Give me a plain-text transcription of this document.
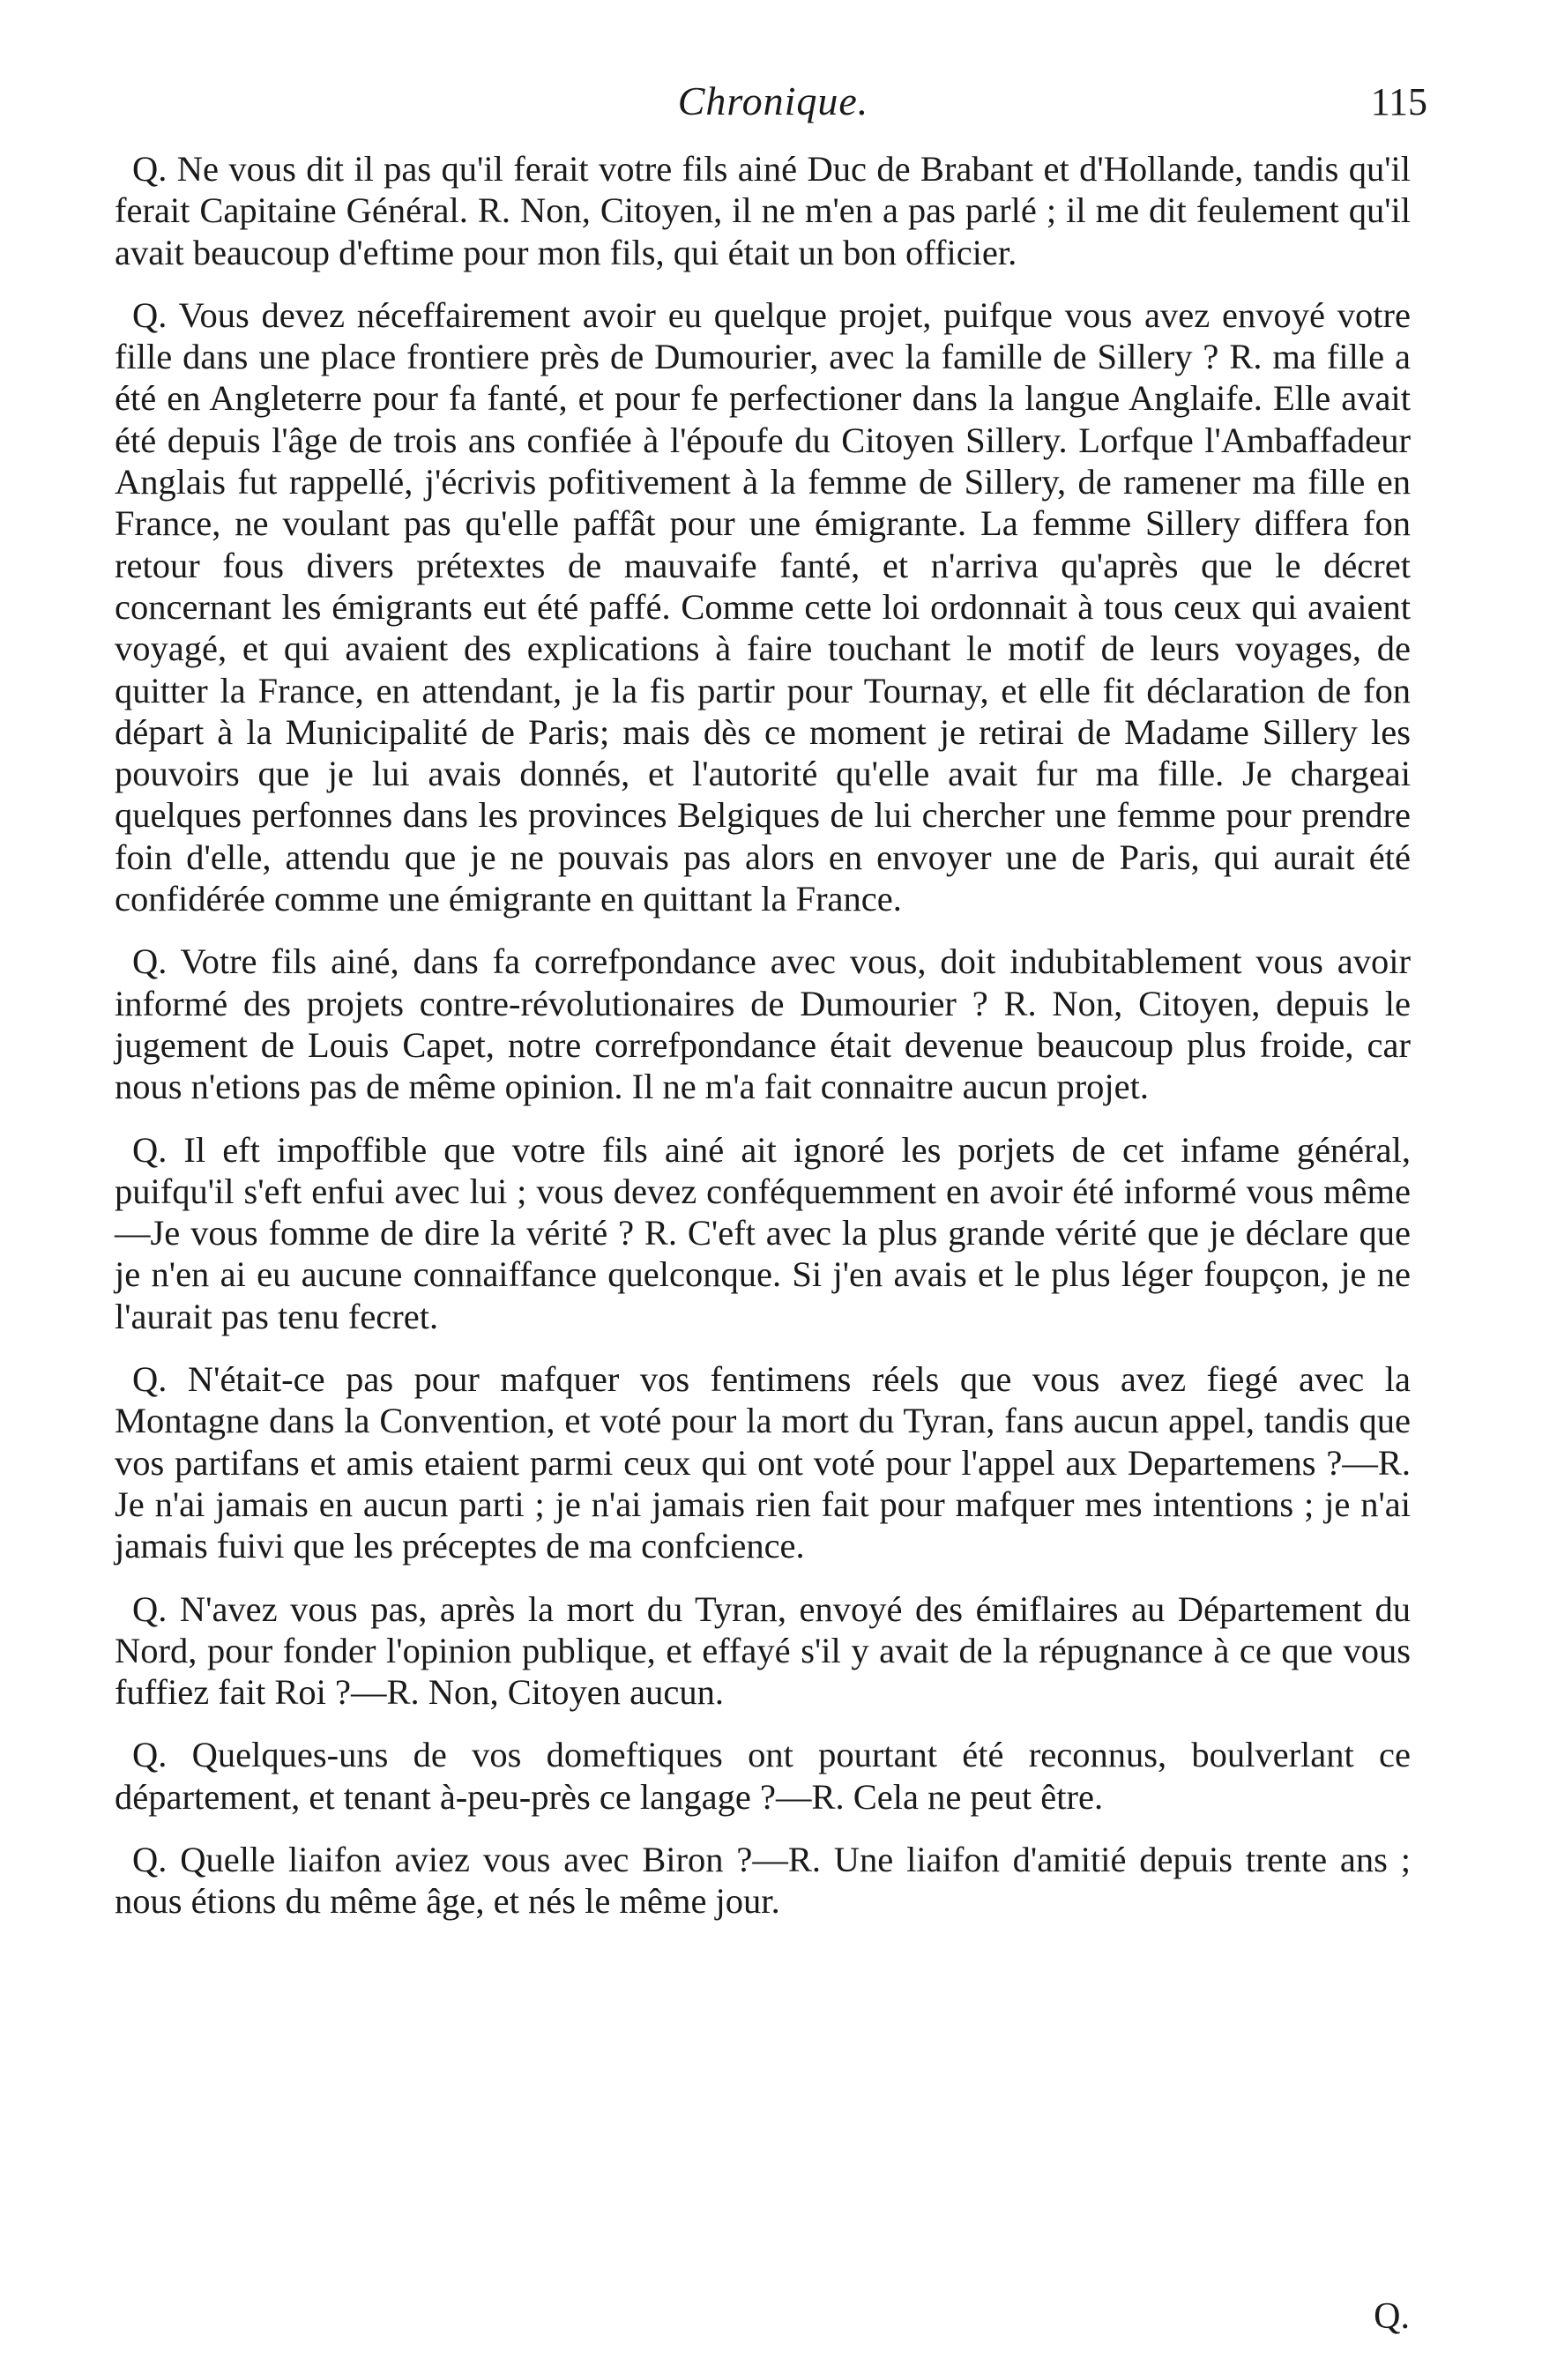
Chronique.	115

Q. Ne vous dit il pas qu'il ferait votre fils ainé Duc de Brabant et d'Hollande, tandis qu'il ferait Capitaine Général. R. Non, Citoyen, il ne m'en a pas parlé ; il me dit feulement qu'il avait beaucoup d'eftime pour mon fils, qui était un bon officier.

Q. Vous devez néceffairement avoir eu quelque projet, puifque vous avez envoyé votre fille dans une place frontiere près de Dumourier, avec la famille de Sillery ? R. ma fille a été en Angleterre pour fa fanté, et pour fe perfectioner dans la langue Anglaife. Elle avait été depuis l'âge de trois ans confiée à l'époufe du Citoyen Sillery. Lorfque l'Ambaffadeur Anglais fut rappellé, j'écrivis pofitivement à la femme de Sillery, de ramener ma fille en France, ne voulant pas qu'elle paffât pour une émigrante. La femme Sillery differa fon retour fous divers prétextes de mauvaife fanté, et n'arriva qu'après que le décret concernant les émigrants eut été paffé. Comme cette loi ordonnait à tous ceux qui avaient voyagé, et qui avaient des explications à faire touchant le motif de leurs voyages, de quitter la France, en attendant, je la fis partir pour Tournay, et elle fit déclaration de fon départ à la Municipalité de Paris; mais dès ce moment je retirai de Madame Sillery les pouvoirs que je lui avais donnés, et l'autorité qu'elle avait fur ma fille. Je chargeai quelques perfonnes dans les provinces Belgiques de lui chercher une femme pour prendre foin d'elle, attendu que je ne pouvais pas alors en envoyer une de Paris, qui aurait été confidérée comme une émigrante en quittant la France.

Q. Votre fils ainé, dans fa correfpondance avec vous, doit indubitablement vous avoir informé des projets contre-révolutionaires de Dumourier ? R. Non, Citoyen, depuis le jugement de Louis Capet, notre correfpondance était devenue beaucoup plus froide, car nous n'etions pas de même opinion. Il ne m'a fait connaitre aucun projet.

Q. Il eft impoffible que votre fils ainé ait ignoré les porjets de cet infame général, puifqu'il s'eft enfui avec lui ; vous devez conféquemment en avoir été informé vous même—Je vous fomme de dire la vérité ? R. C'eft avec la plus grande vérité que je déclare que je n'en ai eu aucune connaiffance quelconque. Si j'en avais et le plus léger foupçon, je ne l'aurait pas tenu fecret.

Q. N'était-ce pas pour mafquer vos fentimens réels que vous avez fiegé avec la Montagne dans la Convention, et voté pour la mort du Tyran, fans aucun appel, tandis que vos partifans et amis etaient parmi ceux qui ont voté pour l'appel aux Departemens ?—R. Je n'ai jamais en aucun parti ; je n'ai jamais rien fait pour mafquer mes intentions ; je n'ai jamais fuivi que les préceptes de ma confcience.

Q. N'avez vous pas, après la mort du Tyran, envoyé des émiflaires au Département du Nord, pour fonder l'opinion publique, et effayé s'il y avait de la répugnance à ce que vous fuffiez fait Roi ?—R. Non, Citoyen aucun.

Q. Quelques-uns de vos domeftiques ont pourtant été reconnus, boulverlant ce département, et tenant à-peu-près ce langage ?—R. Cela ne peut être.

Q. Quelle liaifon aviez vous avec Biron ?—R. Une liaifon d'amitié depuis trente ans ; nous étions du même âge, et nés le même jour.

Q.
